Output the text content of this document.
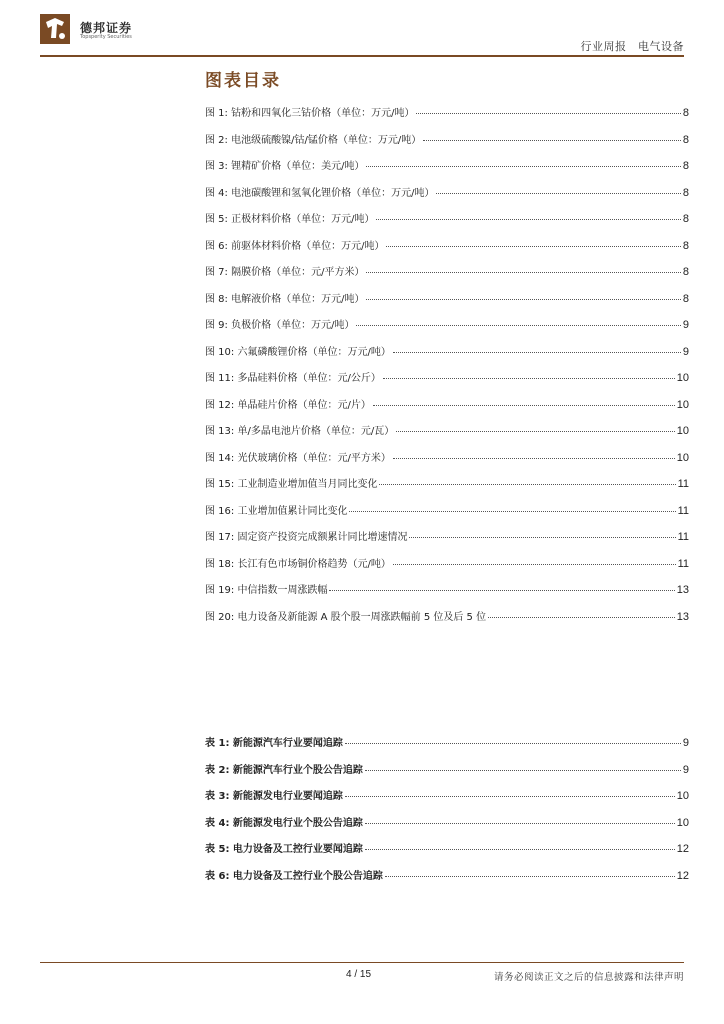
德邦证券
Topsperity Securities
行业周报　电气设备
图表目录
图 1: 钴粉和四氧化三钴价格（单位：万元/吨）	8
图 2: 电池级硫酸镍/钴/锰价格（单位：万元/吨）	8
图 3: 锂精矿价格（单位：美元/吨）	8
图 4: 电池碳酸锂和氢氧化锂价格（单位：万元/吨）	8
图 5: 正极材料价格（单位：万元/吨）	8
图 6: 前驱体材料价格（单位：万元/吨）	8
图 7: 隔膜价格（单位：元/平方米）	8
图 8: 电解液价格（单位：万元/吨）	8
图 9: 负极价格（单位：万元/吨）	9
图 10: 六氟磷酸锂价格（单位：万元/吨）	9
图 11: 多晶硅料价格（单位：元/公斤）	10
图 12: 单晶硅片价格（单位：元/片）	10
图 13: 单/多晶电池片价格（单位：元/瓦）	10
图 14: 光伏玻璃价格（单位：元/平方米）	10
图 15: 工业制造业增加值当月同比变化	11
图 16: 工业增加值累计同比变化	11
图 17: 固定资产投资完成额累计同比增速情况	11
图 18: 长江有色市场铜价格趋势（元/吨）	11
图 19: 中信指数一周涨跌幅	13
图 20: 电力设备及新能源 A 股个股一周涨跌幅前 5 位及后 5 位	13
表 1: 新能源汽车行业要闻追踪	9
表 2: 新能源汽车行业个股公告追踪	9
表 3: 新能源发电行业要闻追踪	10
表 4: 新能源发电行业个股公告追踪	10
表 5: 电力设备及工控行业要闻追踪	12
表 6: 电力设备及工控行业个股公告追踪	12
4 / 15	请务必阅读正文之后的信息披露和法律声明
